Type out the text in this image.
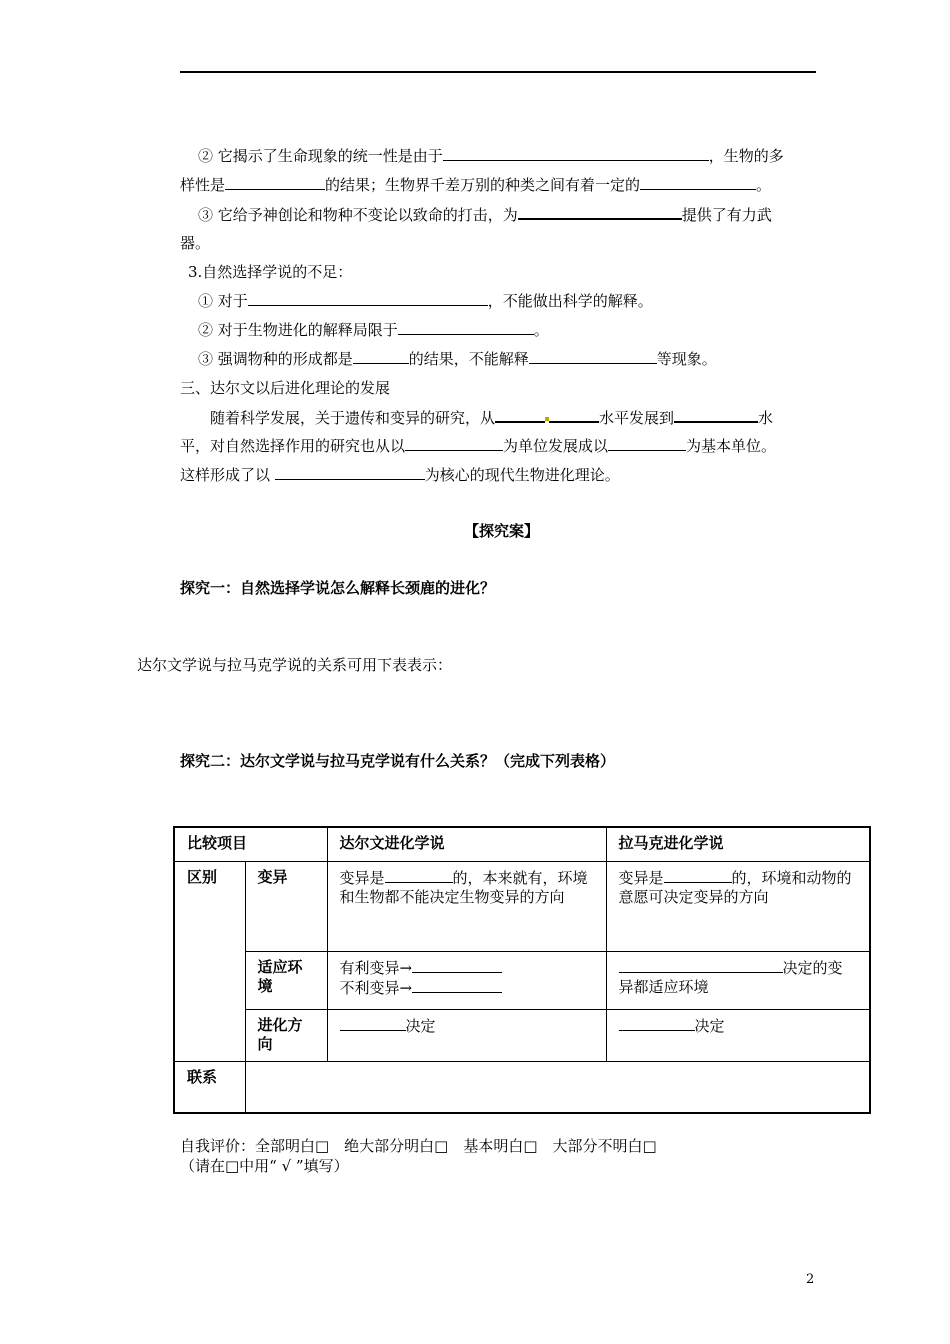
② 它揭示了生命现象的统一性是由于	，生物的多
样性是	的结果；生物界千差万别的种类之间有着一定的	。
③ 它给予神创论和物种不变论以致命的打击，为	提供了有力武
器。
3.自然选择学说的不足：
① 对于	，不能做出科学的解释。
② 对于生物进化的解释局限于	。
③ 强调物种的形成都是	的结果，不能解释	等现象。
三、达尔文以后进化理论的发展
随着科学发展，关于遗传和变异的研究，从	水平发展到	水
平，对自然选择作用的研究也从以	为单位发展成以	为基本单位。
这样形成了以	为核心的现代生物进化理论。
【探究案】
探究一：自然选择学说怎么解释长颈鹿的进化？
达尔文学说与拉马克学说的关系可用下表表示：
探究二：达尔文学说与拉马克学说有什么关系？（完成下列表格）
比较项目		达尔文进化学说	拉马克进化学说
区别	变异	变异是 的，本来就有，环境和生物都不能决定生物变异的方向	变异是 的，环境和动物的意愿可决定变异的方向
	适应环境	有利变异→
不利变异→	决定的变异都适应环境
	进化方向	决定	决定
联系			
自我评价：全部明白□　绝大部分明白□　基本明白□　大部分不明白□
（请在□中用“ √ ”填写）
2
